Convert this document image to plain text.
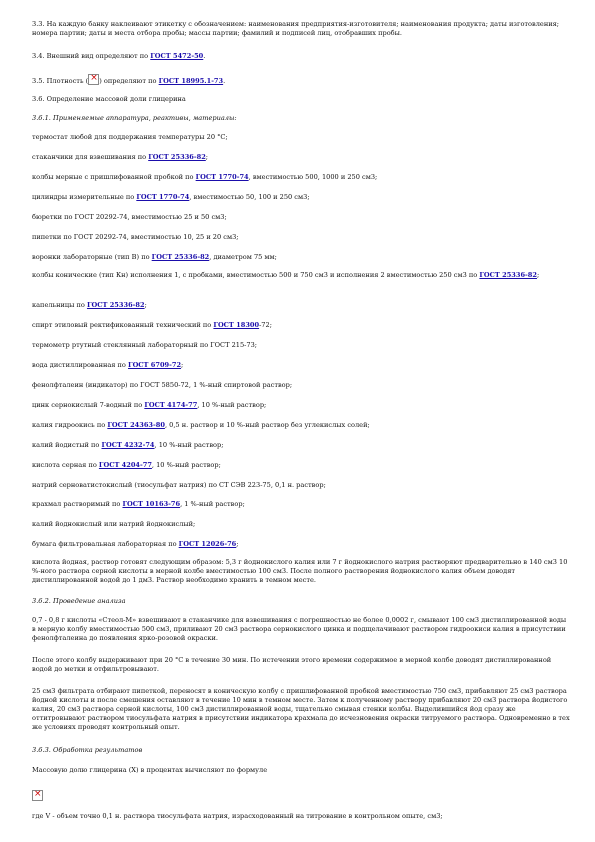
3.3. На каждую банку наклеивают этикетку с обозначением: наименования предприятия-изготовителя; наименования продукта; даты изготовления; номера партии; даты и места отбора пробы; массы партии; фамилий и подписей лиц, отобравших пробы.
3.4. Внешний вид определяют по ГОСТ 5472-50.
3.5. Плотность (× ) определяют по ГОСТ 18995.1-73.
3.6. Определение массовой доли глицерина
3.6.1. Применяемые аппаратура, реактивы, материалы:
термостат любой для поддержания температуры 20 °С;
стаканчики для взвешивания по ГОСТ 25336-82;
колбы мерные с пришлифованной пробкой по ГОСТ 1770-74, вместимостью 500, 1000 и 250 см3;
цилиндры измерительные по ГОСТ 1770-74, вместимостью 50, 100 и 250 см3;
бюретки по ГОСТ 20292-74, вместимостью 25 и 50 см3;
пипетки по ГОСТ 20292-74, вместимостью 10, 25 и 20 см3;
воронки лабораторные (тип В) по ГОСТ 25336-82, диаметром 75 мм;
колбы конические (тип Кн) исполнения 1, с пробками, вместимостью 500 и 750 см3 и исполнения 2 вместимостью 250 см3 по ГОСТ 25336-82;
капельницы по ГОСТ 25336-82;
спирт этиловый ректификованный технический по ГОСТ 18300-72;
термометр ртутный стеклянный лабораторный по ГОСТ 215-73;
вода дистиллированная по ГОСТ 6709-72;
фенолфталеин (индикатор) по ГОСТ 5850-72, 1 %-ный спиртовой раствор;
цинк сернокислый 7-водный по ГОСТ 4174-77, 10 %-ный раствор;
калия гидроокись по ГОСТ 24363-80, 0,5 н. раствор и 10 %-ный раствор без углекислых солей;
калий йодистый по ГОСТ 4232-74, 10 %-ный раствор;
кислота серная по ГОСТ 4204-77, 10 %-ный раствор;
натрий серноватистокислый (тиосульфат натрия) по СТ СЭВ 223-75, 0,1 н. раствор;
крахмал растворимый по ГОСТ 10163-76, 1 %-ный раствор;
калий йоднокислый или натрий йоднокислый;
бумага фильтровальная лабораторная по ГОСТ 12026-76;
кислота йодная, раствор готовят следующим образом: 5,3 г йоднокислого калия или 7 г йоднокислого натрия растворяют предварительно в 140 см3 10 %-ного раствора серной кислоты в мерной колбе вместимостью 100 см3. После полного растворения йоднокислого калия объем доводят дистиллированной водой до 1 дм3. Раствор необходимо хранить в темном месте.
3.6.2. Проведение анализа
0,7 - 0,8 г кислоты «Стеол-М» взвешивают в стаканчике для взвешивания с погрешностью не более 0,0002 г, смывают 100 см3 дистиллированной воды в мерную колбу вместимостью 500 см3, приливают 20 см3 раствора сернокислого цинка и подщелачивают раствором гидроокиси калия в присутствии фенолфталеина до появления ярко-розовой окраски.
После этого колбу выдерживают при 20 °С в течение 30 мин. По истечении этого времени содержимое в мерной колбе доводят дистиллированной водой до метки и отфильтровывают.
25 см3 фильтрата отбирают пипеткой, переносят в коническую колбу с пришлифованной пробкой вместимостью 750 см3, прибавляют 25 см3 раствора йодной кислоты и после смешения оставляют в течение 10 мин в темном месте. Затем к полученному раствору прибавляют 20 см3 раствора йодистого калия, 20 см3 раствора серной кислоты, 100 см3 дистиллированной воды, тщательно смывая стенки колбы. Выделившийся йод сразу же оттитровывают раствором тиосульфата натрия в присутствии индикатора крахмала до исчезновения окраски титруемого раствора. Одновременно в тех же условиях проводят контрольный опыт.
3.6.3. Обработка результатов
Массовую долю глицерина (X) в процентах вычисляют по формуле
×
где V - объем точно 0,1 н. раствора тиосульфата натрия, израсходованный на титрование в контрольном опыте, см3;
